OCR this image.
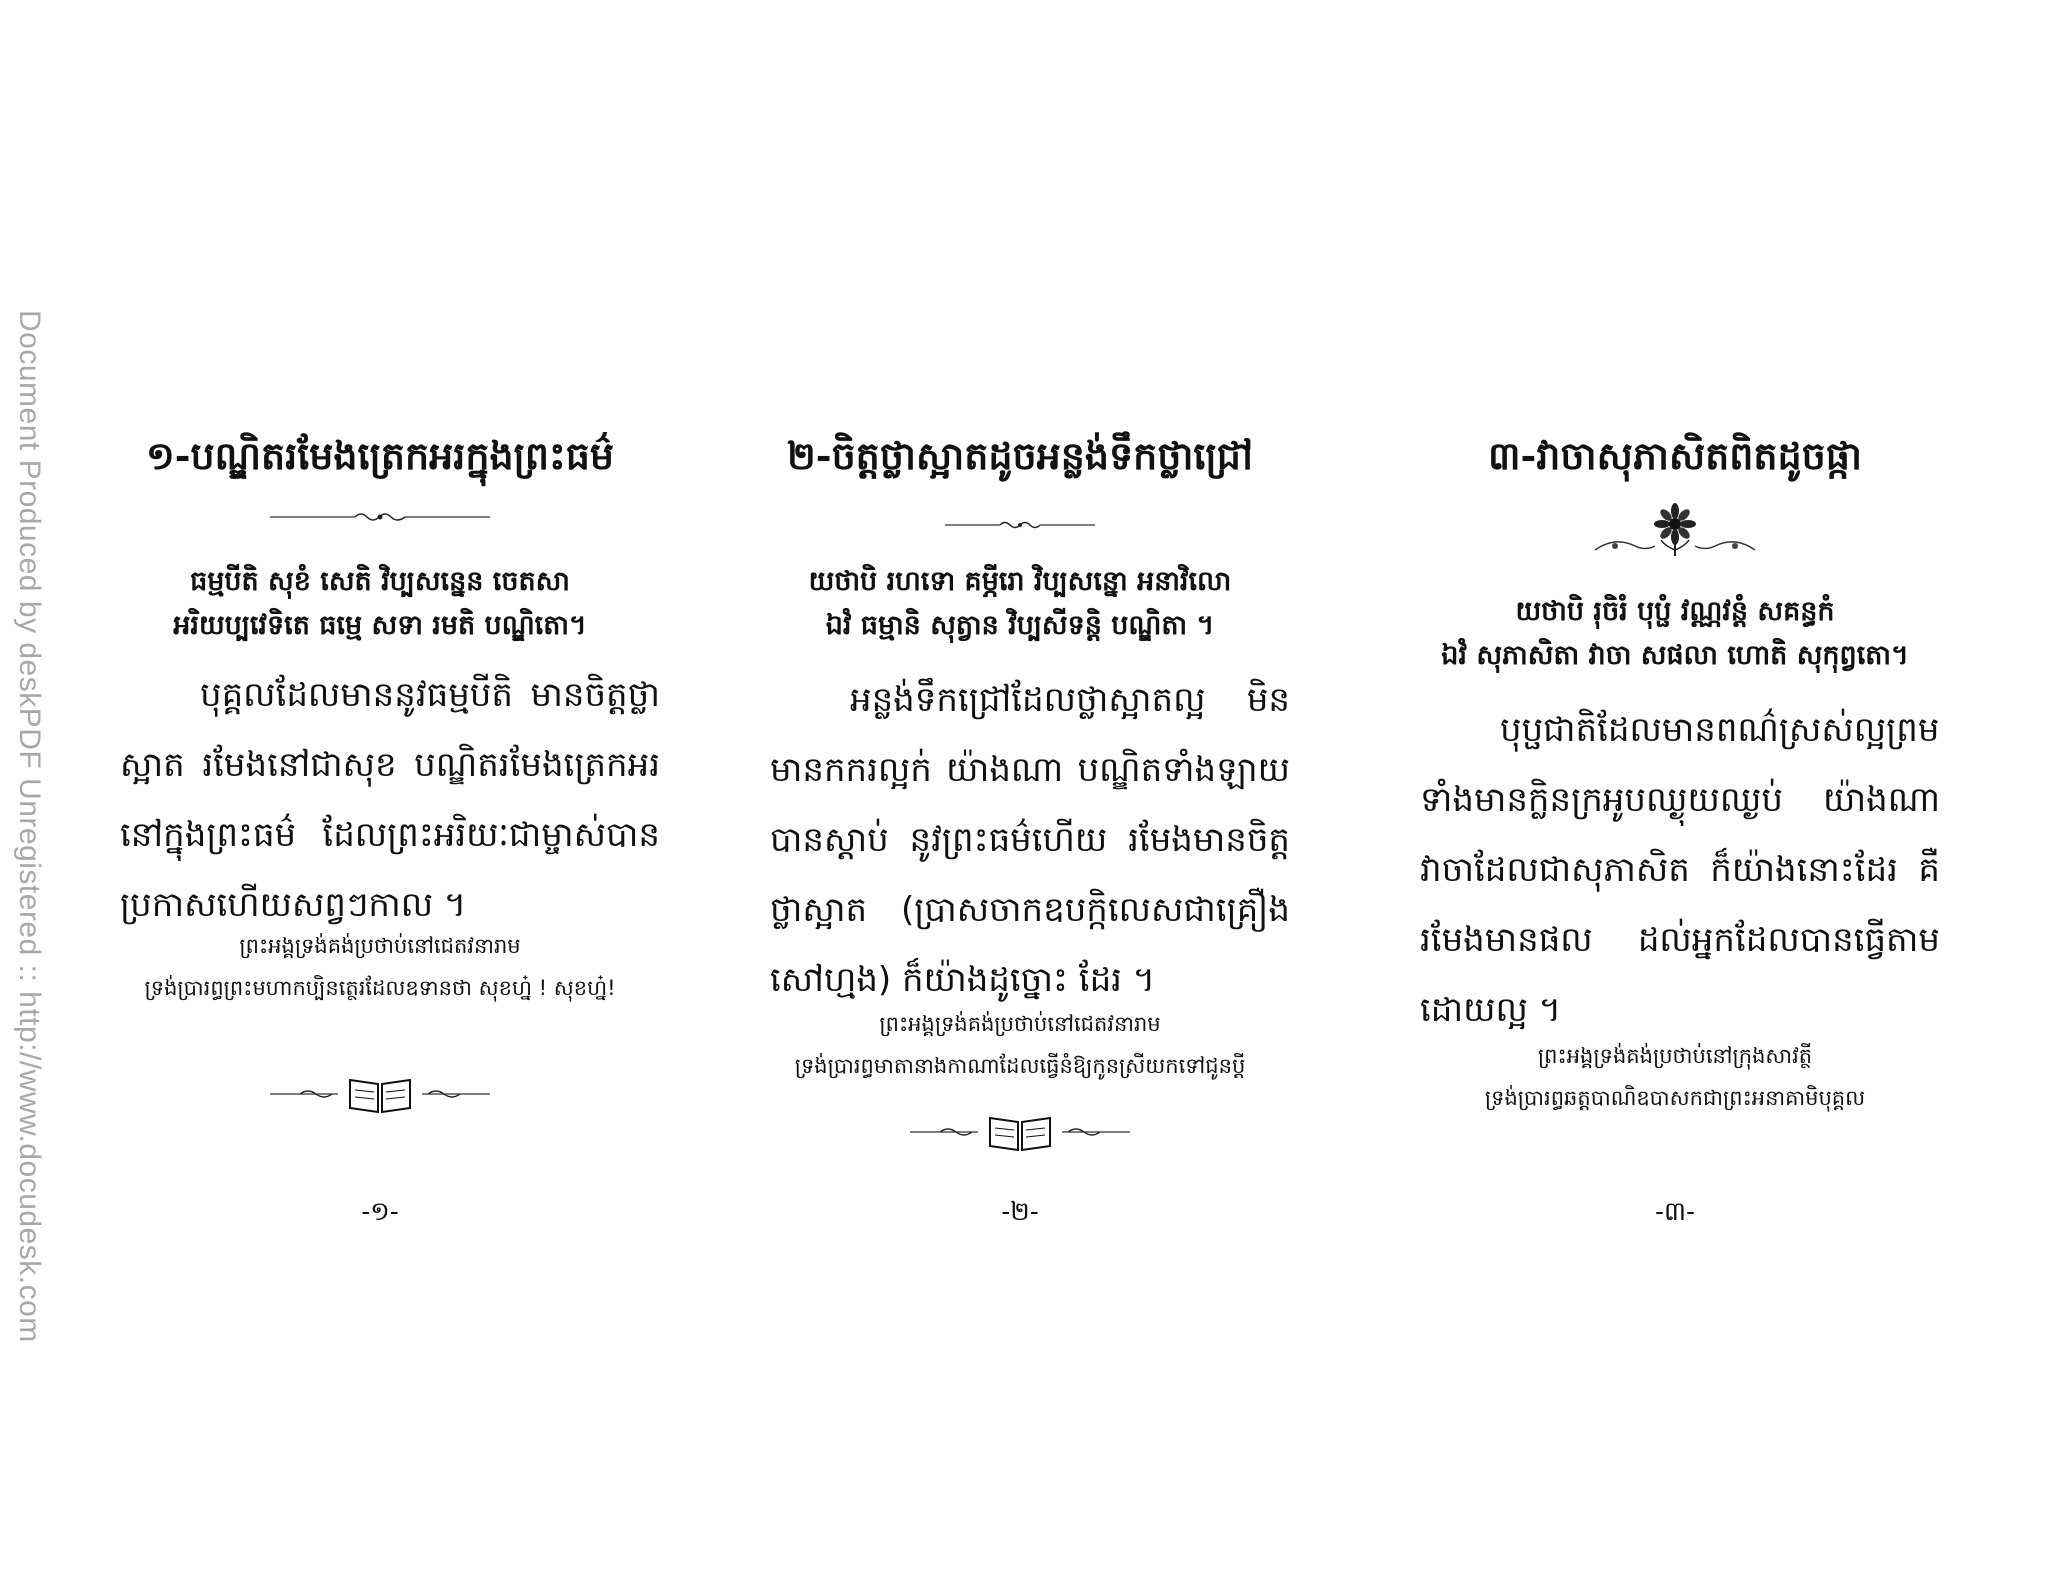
Document Produced by deskPDF Unregistered :: http://www.docudesk.com	១-បណ្ឌិតរមែងត្រេកអរក្នុងព្រះធម៌
ធម្មបីតិ សុខំ សេតិ វិប្បសន្នេន ចេតសា
អរិយប្បវេទិតេ ធម្មេ សទា រមតិ បណ្ឌិតោ។
បុគ្គលដែលមាននូវធម្មបីតិ មានចិត្តថ្លាស្អាត រមែងនៅជាសុខ បណ្ឌិតរមែងត្រេកអរនៅក្នុងព្រះធម៌ ដែលព្រះអរិយៈជាម្ចាស់បានប្រកាសហើយសព្វៗកាល ។
ព្រះអង្គទ្រង់គង់ប្រថាប់នៅជេតវនារាម
ទ្រង់ប្រារព្ធព្រះមហាកប្បិនត្ថេរដែលឧទានថា សុខហ្ន៎ ! សុខហ្ន៎!
-១-
២-ចិត្តថ្លាស្អាតដូចអន្លង់ទឹកថ្លាជ្រៅ
យថាបិ រហទោ គម្ភីរោ វិប្បសន្នោ អនាវិលោ
ឯវំ ធម្មានិ សុត្វាន វិប្បសីទន្តិ បណ្ឌិតា ។
អន្លង់ទឹកជ្រៅដែលថ្លាស្អាតល្អ មិនមានកករល្អក់ យ៉ាងណា បណ្ឌិតទាំងឡាយបានស្តាប់ នូវព្រះធម៌ហើយ រមែងមានចិត្តថ្លាស្អាត (ប្រាសចាកឧបក្កិលេសជាគ្រឿងសៅហ្មង) ក៏យ៉ាងដូច្នោះ ដែរ ។
ព្រះអង្គទ្រង់គង់ប្រថាប់នៅជេតវនារាម
ទ្រង់ប្រារព្ធមាតានាងកាណាដែលធ្វើនំឱ្យកូនស្រីយកទៅជូនប្តី
-២-
៣-វាចាសុភាសិតពិតដូចផ្កា
យថាបិ រុចិរំ បុប្ផំ វណ្ណវន្តំ សគន្ធកំ
ឯវំ សុភាសិតា វាចា សផលា ហោតិ សុកុព្វតោ។
បុប្ផជាតិដែលមានពណ៌ស្រស់ល្អព្រមទាំងមានក្លិនក្រអូបឈ្ងុយឈ្ងប់ យ៉ាងណា វាចាដែលជាសុភាសិត ក៏យ៉ាងនោះដែរ គឺរមែងមានផល ដល់អ្នកដែលបានធ្វើតាមដោយល្អ ។
ព្រះអង្គទ្រង់គង់ប្រថាប់នៅក្រុងសាវត្ថី
ទ្រង់ប្រារព្ធឆត្តបាណិឧបាសកជាព្រះអនាគាមិបុគ្គល
-៣-
